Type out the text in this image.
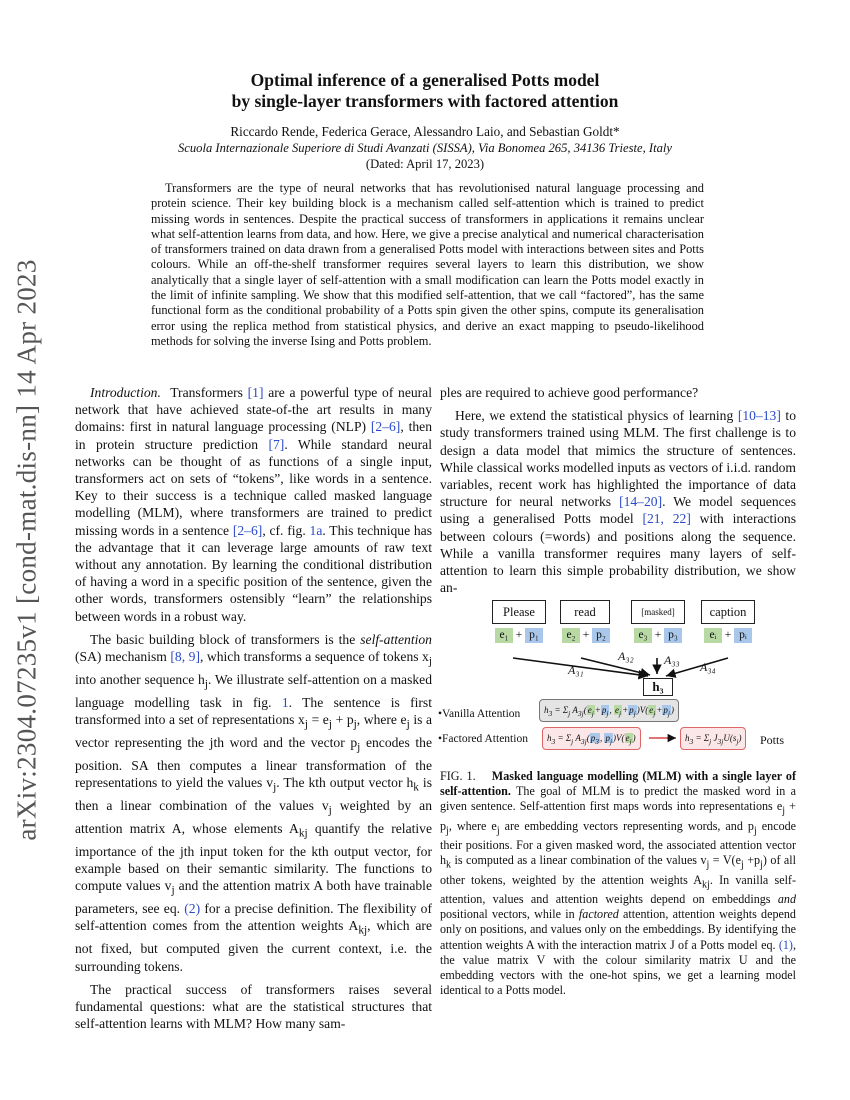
arXiv:2304.07235v1 [cond-mat.dis-nn] 14 Apr 2023
Optimal inference of a generalised Potts model
by single-layer transformers with factored attention
Riccardo Rende, Federica Gerace, Alessandro Laio, and Sebastian Goldt*
Scuola Internazionale Superiore di Studi Avanzati (SISSA), Via Bonomea 265, 34136 Trieste, Italy
(Dated: April 17, 2023)
Transformers are the type of neural networks that has revolutionised natural language processing and protein science. Their key building block is a mechanism called self-attention which is trained to predict missing words in sentences. Despite the practical success of transformers in applications it remains unclear what self-attention learns from data, and how. Here, we give a precise analytical and numerical characterisation of transformers trained on data drawn from a generalised Potts model with interactions between sites and Potts colours. While an off-the-shelf transformer requires several layers to learn this distribution, we show analytically that a single layer of self-attention with a small modification can learn the Potts model exactly in the limit of infinite sampling. We show that this modified self-attention, that we call “factored”, has the same functional form as the conditional probability of a Potts spin given the other spins, compute its generalisation error using the replica method from statistical physics, and derive an exact mapping to pseudo-likelihood methods for solving the inverse Ising and Potts problem.

Introduction. Transformers [1] are a powerful type of neural network that have achieved state-of-the art results in many domains: first in natural language processing (NLP) [2–6], then in protein structure prediction [7]. While standard neural networks can be thought of as functions of a single input, transformers act on sets of “tokens”, like words in a sentence. Key to their success is a technique called masked language modelling (MLM), where transformers are trained to predict missing words in a sentence [2–6], cf. fig. 1a. This technique has the advantage that it can leverage large amounts of raw text without any annotation. By learning the conditional distribution of having a word in a specific position of the sentence, given the other words, transformers ostensibly “learn” the relationships between words in a robust way.

The basic building block of transformers is the self-attention (SA) mechanism [8, 9], which transforms a sequence of tokens $x_j$ into another sequence $h_j$. We illustrate self-attention on a masked language modelling task in fig. 1. The sentence is first transformed into a set of representations $x_j = e_j + p_j$, where $e_j$ is a vector representing the jth word and the vector $p_j$ encodes the position. SA then computes a linear transformation of the representations to yield the values $v_j$. The kth output vector $h_k$ is then a linear combination of the values $v_j$ weighted by an attention matrix A, whose elements $A_{kj}$ quantify the relative importance of the jth input token for the kth output vector, for example based on their semantic similarity. The functions to compute values $v_j$ and the attention matrix A both have trainable parameters, see eq. (2) for a precise definition. The flexibility of self-attention comes from the attention weights $A_{kj}$, which are not fixed, but computed given the current context, i.e. the surrounding tokens.

The practical success of transformers raises several fundamental questions: what are the statistical structures that self-attention learns with MLM? How many sam-

ples are required to achieve good performance?

Here, we extend the statistical physics of learning [10–13] to study transformers trained using MLM. The first challenge is to design a data model that mimics the structure of sentences. While classical works modelled inputs as vectors of i.i.d. random variables, recent work has highlighted the importance of data structure for neural networks [14–20]. We model sequences using a generalised Potts model [21, 22] with interactions between colours (=words) and positions along the sequence. While a vanilla transformer requires many layers of self-attention to learn this simple probability distribution, we show an-

Please	read	[masked]	caption
e₁ + p₁	e₂ + p₂	e₃ + p₃	eᵢ + pᵢ
A₃₁
A₃₂	A₃₃ A₃₄
h₃
•Vanilla Attention	$h_3 = \Sigma_j$ $A_{3j}(e_j+p_j$, $e_j+p_j)V(e_j+p_j)$
•Factored Attention	$h_3 = \Sigma_j$ $A_{3j}(p_3$, $p_j)V(e_j)$	$h_3 = \Sigma_j$ $J_{3j}U(s_j)$	Potts
FIG. 1. Masked language modelling (MLM) with a single layer of self-attention. The goal of MLM is to predict the masked word in a given sentence. Self-attention first maps words into representations $e_j + p_j$, where $e_j$ are embedding vectors representing words, and $p_j$ encode their positions. For a given masked word, the associated attention vector $h_k$ is computed as a linear combination of the values $v_j = V(e_j +p_j)$ of all other tokens, weighted by the attention weights $A_{kj}$. In vanilla self-attention, values and attention weights depend on embeddings and positional vectors, while in factored attention, attention weights depend only on positions, and values only on the embeddings. By identifying the attention weights A with the interaction matrix J of a Potts model eq. (1), the value matrix V with the colour similarity matrix U and the embedding vectors with the one-hot spins, we get a learning model identical to a Potts model.
